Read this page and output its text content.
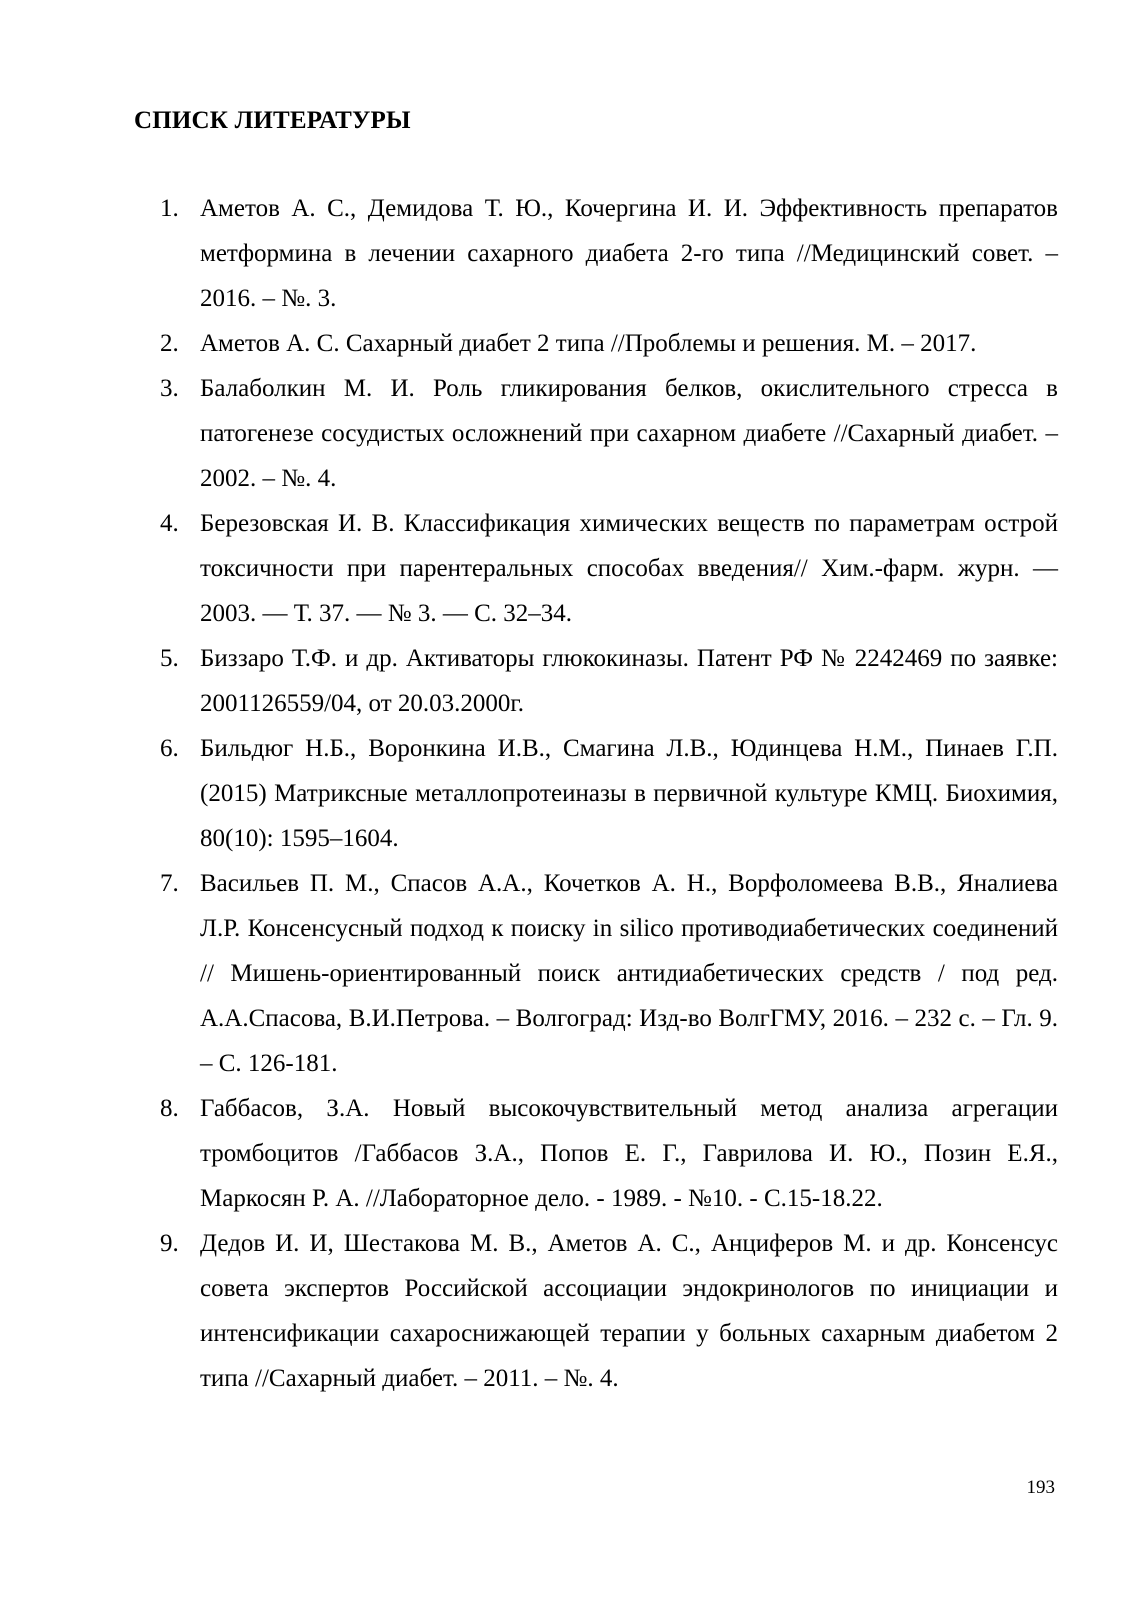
СПИСК ЛИТЕРАТУРЫ
1. Аметов А. С., Демидова Т. Ю., Кочергина И. И. Эффективность препаратов метформина в лечении сахарного диабета 2-го типа //Медицинский совет. – 2016. – №. 3.
2. Аметов А. С. Сахарный диабет 2 типа //Проблемы и решения. М. – 2017.
3. Балаболкин М. И. Роль гликирования белков, окислительного стресса в патогенезе сосудистых осложнений при сахарном диабете //Сахарный диабет. – 2002. – №. 4.
4. Березовская И. В. Классификация химических веществ по параметрам острой токсичности при парентеральных способах введения// Хим.-фарм. журн. — 2003. — Т. 37. — № 3. — С. 32–34.
5. Биззаро Т.Ф. и др. Активаторы глюкокиназы. Патент РФ № 2242469 по заявке: 2001126559/04, от 20.03.2000г.
6. Бильдюг Н.Б., Воронкина И.В., Смагина Л.В., Юдинцева Н.М., Пинаев Г.П. (2015) Матриксные металлопротеиназы в первичной культуре КМЦ. Биохимия, 80(10): 1595–1604.
7. Васильев П. М., Спасов А.А., Кочетков А. Н., Ворфоломеева В.В., Яналиева Л.Р. Консенсусный подход к поиску in silico противодиабетических соединений // Мишень-ориентированный поиск антидиабетических средств / под ред. А.А.Спасова, В.И.Петрова. – Волгоград: Изд-во ВолгГМУ, 2016. – 232 с. – Гл. 9. – С. 126-181.
8. Габбасов, З.А. Новый высокочувствительный метод анализа агрегации тромбоцитов /Габбасов З.А., Попов Е. Г., Гаврилова И. Ю., Позин Е.Я., Маркосян Р. А. //Лабораторное дело. - 1989. - №10. - С.15-18.22.
9. Дедов И. И, Шестакова М. В., Аметов А. С., Анциферов М. и др. Консенсус совета экспертов Российской ассоциации эндокринологов по инициации и интенсификации сахароснижающей терапии у больных сахарным диабетом 2 типа //Сахарный диабет. – 2011. – №. 4.
193
